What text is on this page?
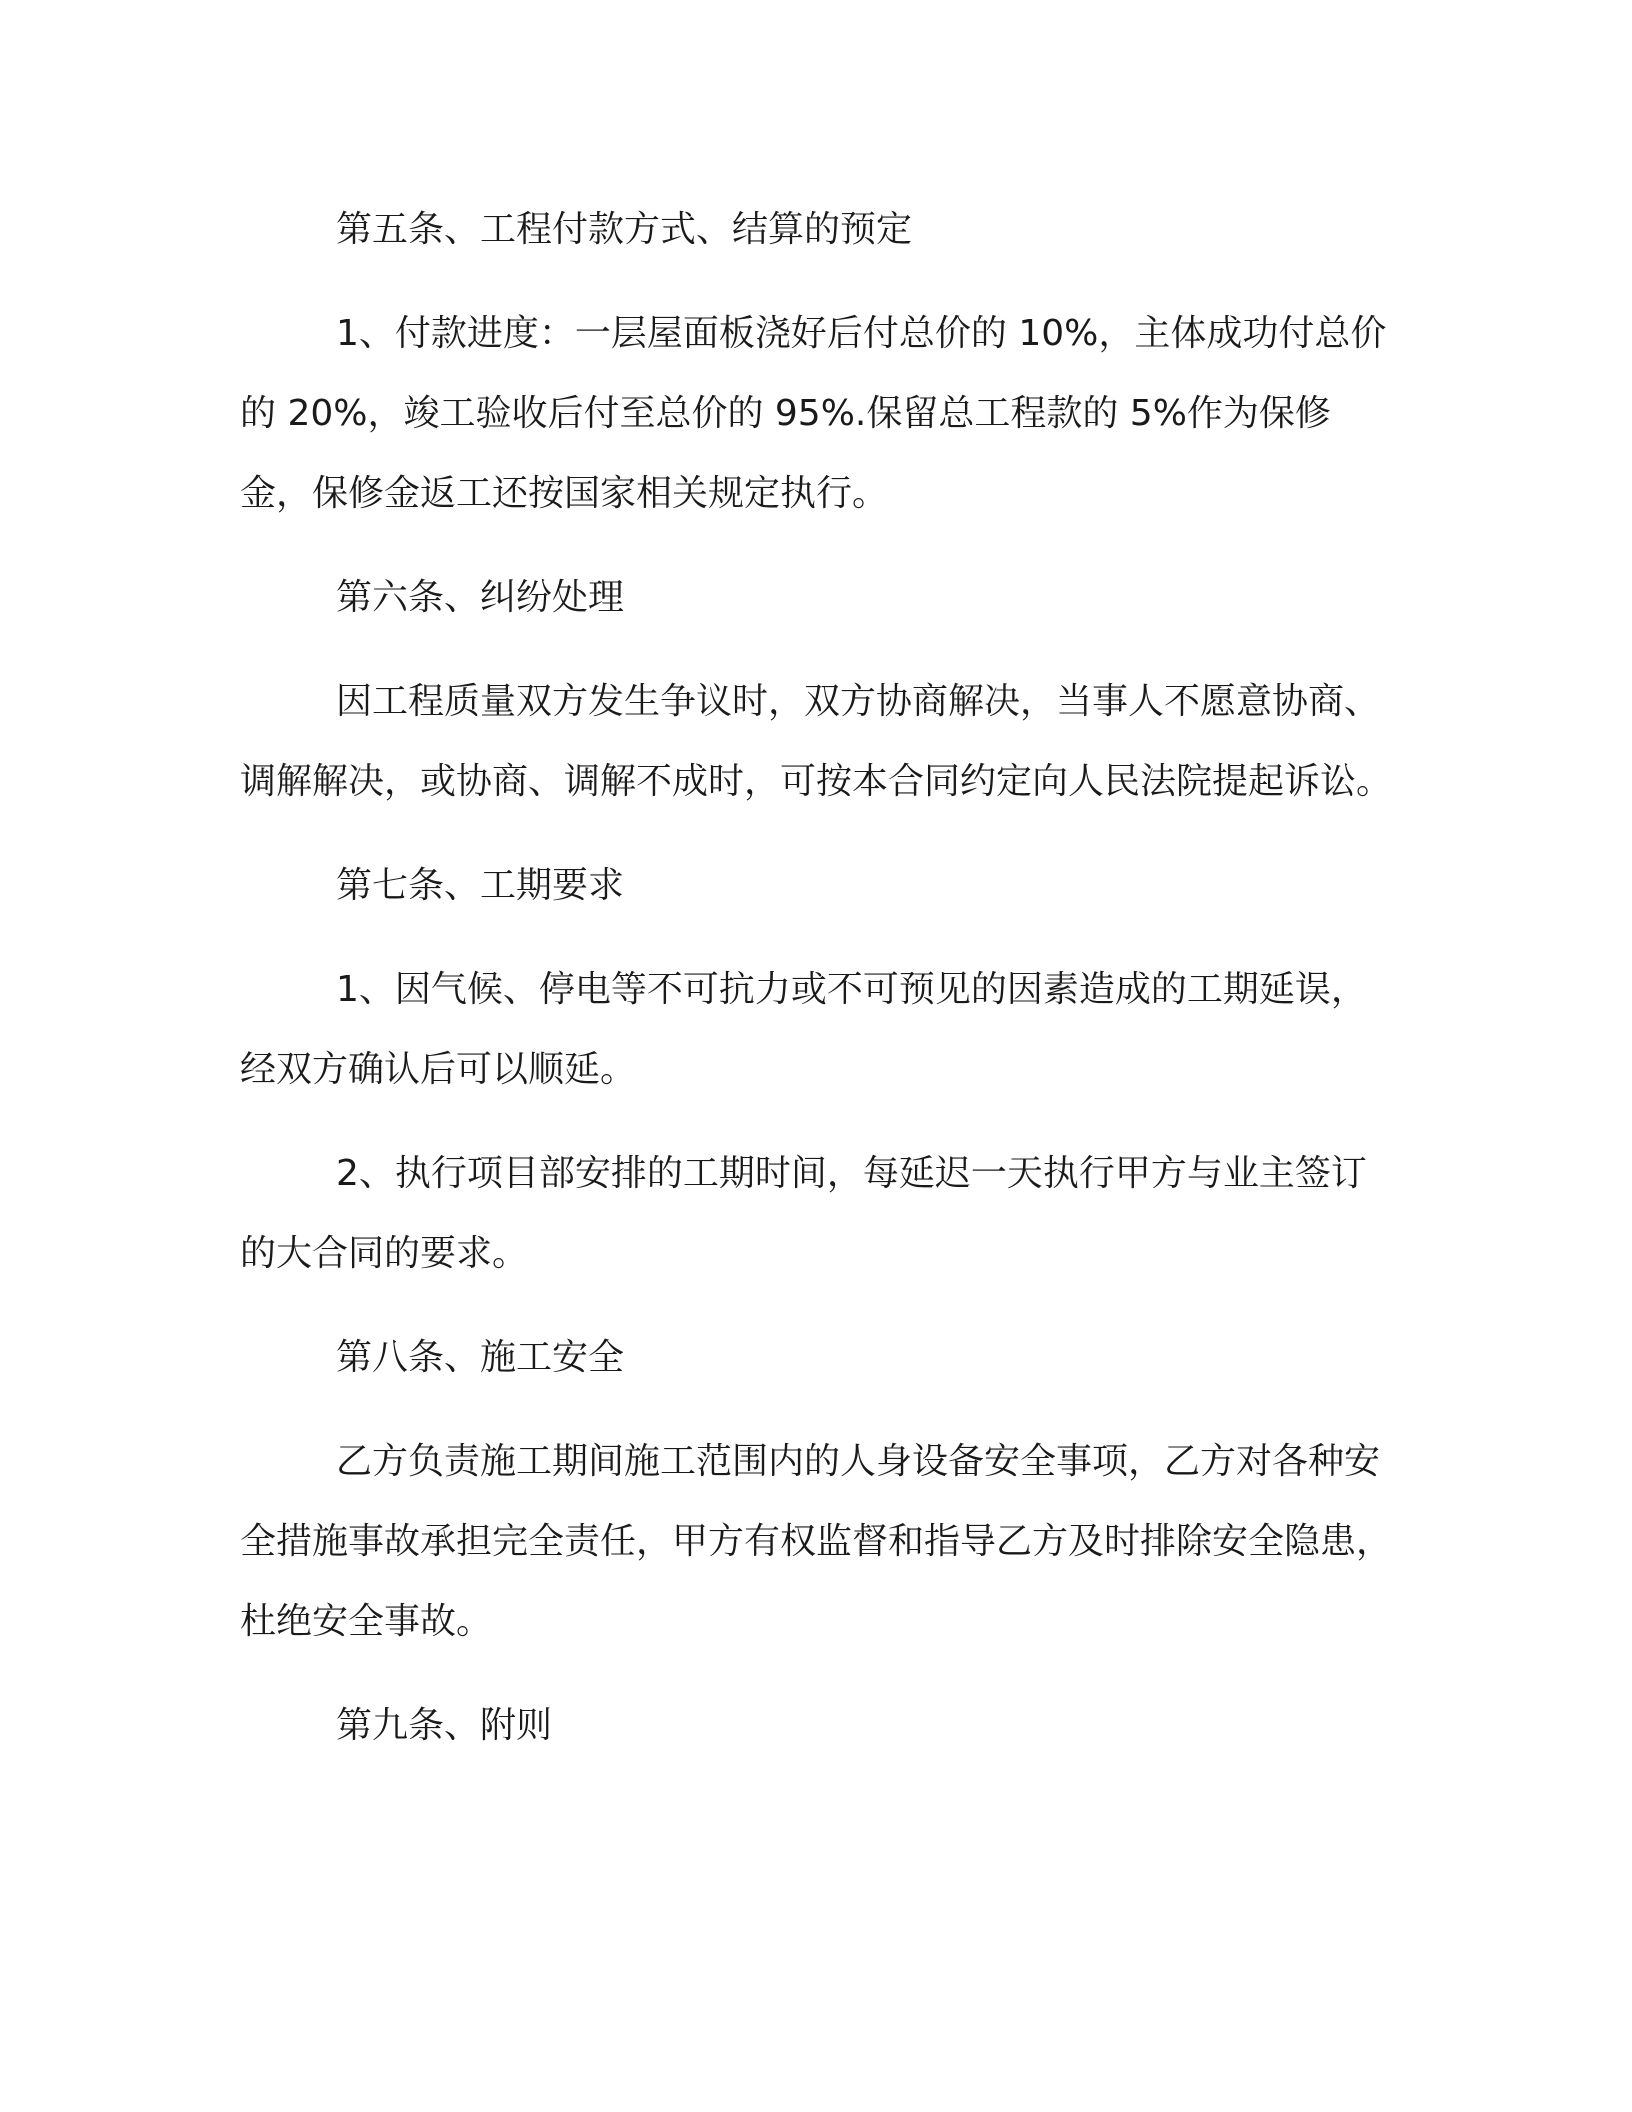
第五条、工程付款方式、结算的预定

1、付款进度：一层屋面板浇好后付总价的 10%，主体成功付总价的 20%，竣工验收后付至总价的 95%.保留总工程款的 5%作为保修金，保修金返工还按国家相关规定执行。

第六条、纠纷处理

因工程质量双方发生争议时，双方协商解决，当事人不愿意协商、调解解决，或协商、调解不成时，可按本合同约定向人民法院提起诉讼。

第七条、工期要求

1、因气候、停电等不可抗力或不可预见的因素造成的工期延误，经双方确认后可以顺延。

2、执行项目部安排的工期时间，每延迟一天执行甲方与业主签订的大合同的要求。

第八条、施工安全

乙方负责施工期间施工范围内的人身设备安全事项，乙方对各种安全措施事故承担完全责任，甲方有权监督和指导乙方及时排除安全隐患，杜绝安全事故。

第九条、附则
